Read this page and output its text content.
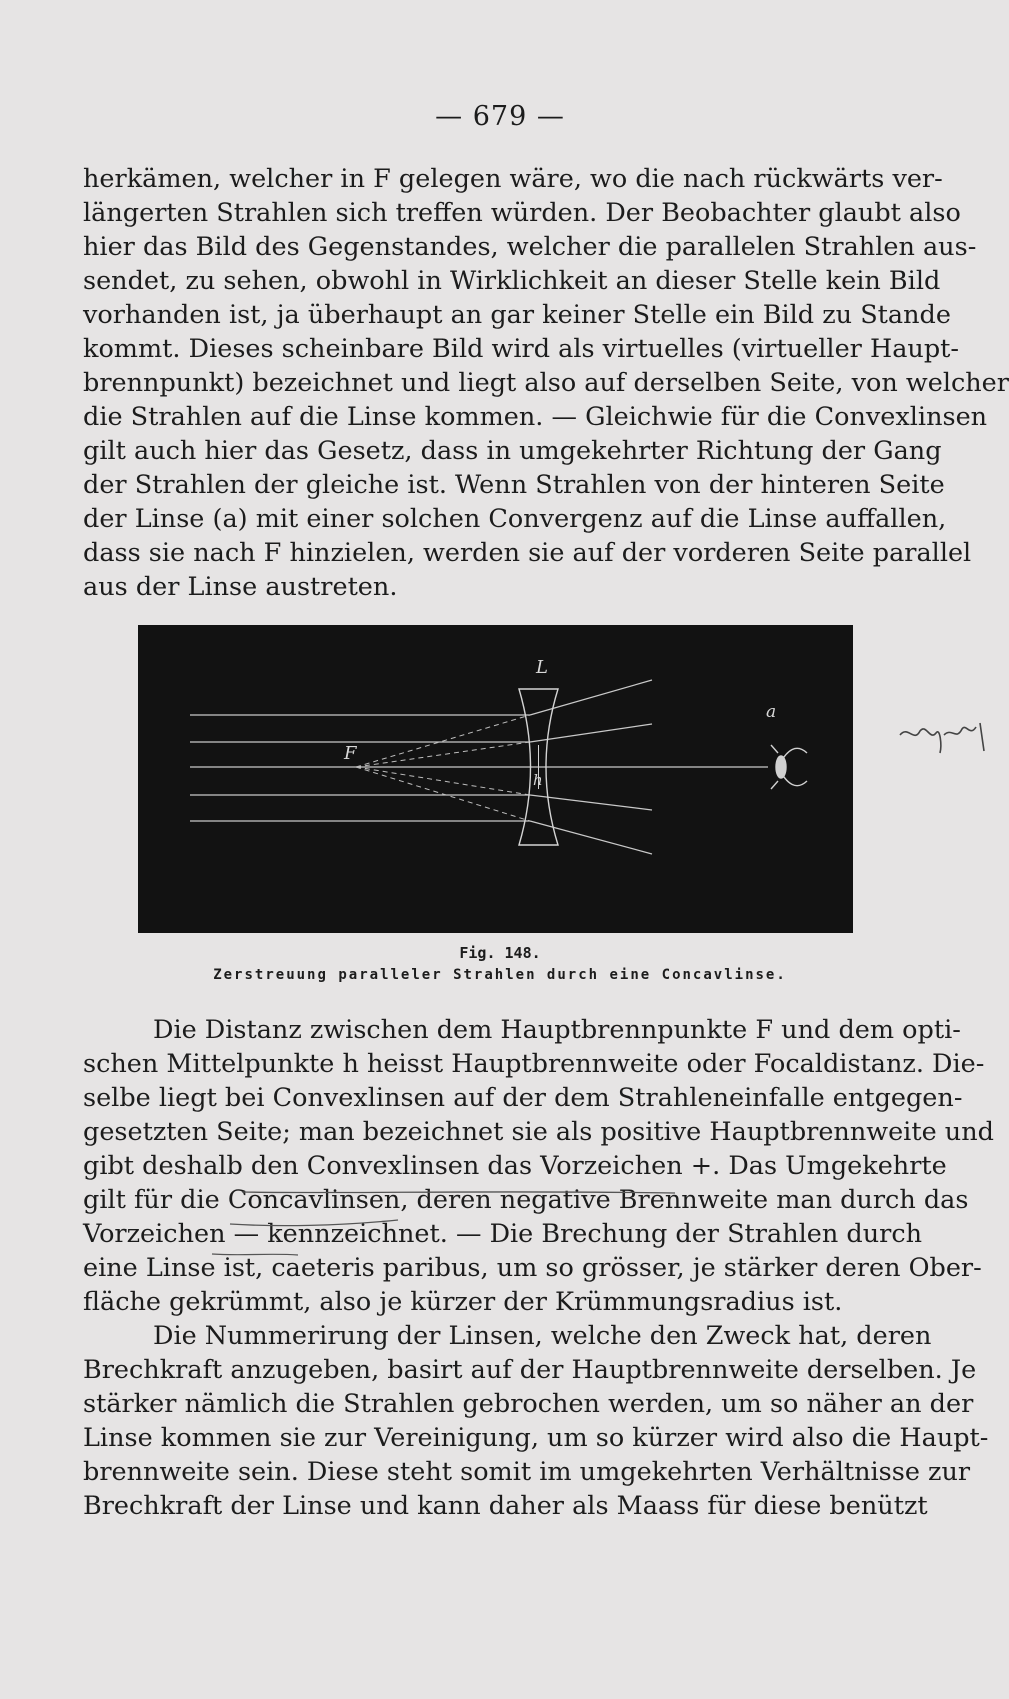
— 679 —
herkämen, welcher in F gelegen wäre, wo die nach rückwärts ver-
längerten Strahlen sich treffen würden. Der Beobachter glaubt also
hier das Bild des Gegenstandes, welcher die parallelen Strahlen aus-
sendet, zu sehen, obwohl in Wirklichkeit an dieser Stelle kein Bild
vorhanden ist, ja überhaupt an gar keiner Stelle ein Bild zu Stande
kommt. Dieses scheinbare Bild wird als virtuelles (virtueller Haupt-
brennpunkt) bezeichnet und liegt also auf derselben Seite, von welcher
die Strahlen auf die Linse kommen. — Gleichwie für die Convexlinsen
gilt auch hier das Gesetz, dass in umgekehrter Richtung der Gang
der Strahlen der gleiche ist. Wenn Strahlen von der hinteren Seite
der Linse (a) mit einer solchen Convergenz auf die Linse auffallen,
dass sie nach F hinzielen, werden sie auf der vorderen Seite parallel
aus der Linse austreten.
L
F
h
a
Fig. 148.
Zerstreuung paralleler Strahlen durch eine Concavlinse.
Die Distanz zwischen dem Hauptbrennpunkte F und dem opti-
schen Mittelpunkte h heisst Hauptbrennweite oder Focaldistanz. Die-
selbe liegt bei Convexlinsen auf der dem Strahleneinfalle entgegen-
gesetzten Seite; man bezeichnet sie als positive Hauptbrennweite und
gibt deshalb den Convexlinsen das Vorzeichen +. Das Umgekehrte
gilt für die Concavlinsen, deren negative Brennweite man durch das
Vorzeichen — kennzeichnet. — Die Brechung der Strahlen durch
eine Linse ist, caeteris paribus, um so grösser, je stärker deren Ober-
fläche gekrümmt, also je kürzer der Krümmungsradius ist.
Die Nummerirung der Linsen, welche den Zweck hat, deren
Brechkraft anzugeben, basirt auf der Hauptbrennweite derselben. Je
stärker nämlich die Strahlen gebrochen werden, um so näher an der
Linse kommen sie zur Vereinigung, um so kürzer wird also die Haupt-
brennweite sein. Diese steht somit im umgekehrten Verhältnisse zur
Brechkraft der Linse und kann daher als Maass für diese benützt
